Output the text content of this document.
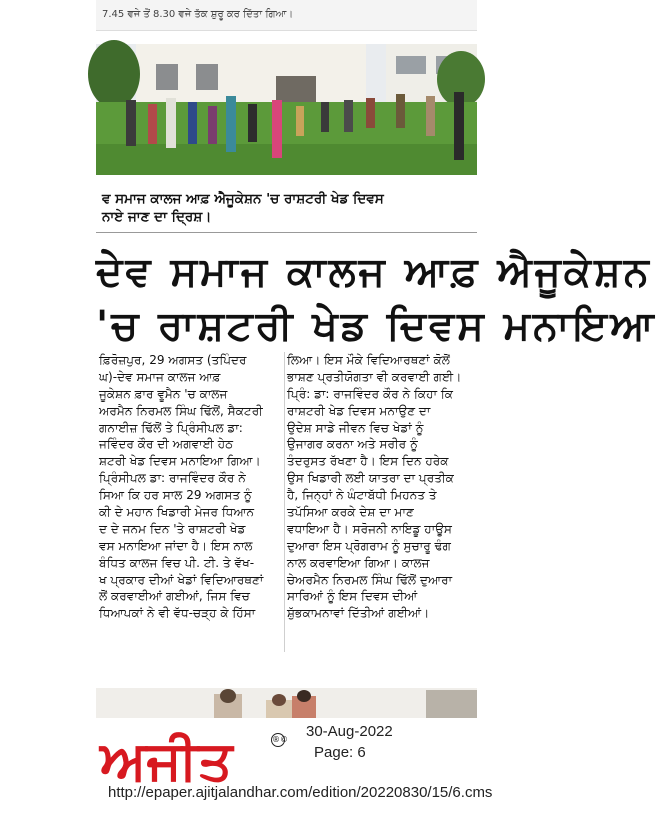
7.45 ਵਜੇ ਤੋਂ 8.30 ਵਜੇ ਤੱਕ ਸ਼ੁਰੂ ਕਰ ਦਿੱਤਾ ਗਿਆ।
ਵ ਸਮਾਜ ਕਾਲਜ ਆਫ਼ ਐਜੂਕੇਸ਼ਨ 'ਚ ਰਾਸ਼ਟਰੀ ਖੇਡ ਦਿਵਸ
ਨਾਏ ਜਾਣ ਦਾ ਦ੍ਰਿਸ਼।
ਦੇਵ ਸਮਾਜ ਕਾਲਜ ਆਫ਼ ਐਜੂਕੇਸ਼ਨ
'ਚ ਰਾਸ਼ਟਰੀ ਖੇਡ ਦਿਵਸ ਮਨਾਇਆ
ਫ਼ਿਰੋਜ਼ਪੁਰ, 29 ਅਗਸਤ (ਤਪਿੰਦਰ
ਘ)-ਦੇਵ ਸਮਾਜ ਕਾਲਜ ਆਫ਼
ਜੂਕੇਸ਼ਨ ਫ਼ਾਰ ਵੂਮੈਨ 'ਚ ਕਾਲਜ
ਅਰਮੈਨ ਨਿਰਮਲ ਸਿੰਘ ਢਿੱਲੋਂ, ਸੈਕਟਰੀ
ਗਨਾਈਜ਼ ਢਿੱਲੋਂ ਤੇ ਪ੍ਰਿੰਸੀਪਲ ਡਾ:
ਜਵਿੰਦਰ ਕੌਰ ਦੀ ਅਗਵਾਈ ਹੇਠ
ਸ਼ਟਰੀ ਖੇਡ ਦਿਵਸ ਮਨਾਇਆ ਗਿਆ।
ਪ੍ਰਿੰਸੀਪਲ ਡਾ: ਰਾਜਵਿੰਦਰ ਕੌਰ ਨੇ
ਸਿਆ ਕਿ ਹਰ ਸਾਲ 29 ਅਗਸਤ ਨੂੰ
ਕੀ ਦੇ ਮਹਾਨ ਖਿਡਾਰੀ ਮੇਜਰ ਧਿਆਨ
ਦ ਦੇ ਜਨਮ ਦਿਨ 'ਤੇ ਰਾਸ਼ਟਰੀ ਖੇਡ
ਵਸ ਮਨਾਇਆ ਜਾਂਦਾ ਹੈ। ਇਸ ਨਾਲ
ਬੰਧਿਤ ਕਾਲਜ ਵਿਚ ਪੀ. ਟੀ. ਤੇ ਵੱਖ-
ਖ ਪ੍ਰਕਾਰ ਦੀਆਂ ਖੇਡਾਂ ਵਿਦਿਆਰਥਣਾਂ
ਲੋਂ ਕਰਵਾਈਆਂ ਗਈਆਂ, ਜਿਸ ਵਿਚ
ਧਿਆਪਕਾਂ ਨੇ ਵੀ ਵੱਧ-ਚੜ੍ਹ ਕੇ ਹਿੱਸਾ
ਲਿਆ। ਇਸ ਮੌਕੇ ਵਿਦਿਆਰਥਣਾਂ ਕੋਲੋਂ
ਭਾਸ਼ਣ ਪ੍ਰਤੀਯੋਗਤਾ ਵੀ ਕਰਵਾਈ ਗਈ।
ਪ੍ਰਿੰ: ਡਾ: ਰਾਜਵਿੰਦਰ ਕੌਰ ਨੇ ਕਿਹਾ ਕਿ
ਰਾਸ਼ਟਰੀ ਖੇਡ ਦਿਵਸ ਮਨਾਉਣ ਦਾ
ਉਦੇਸ਼ ਸਾਡੇ ਜੀਵਨ ਵਿਚ ਖੇਡਾਂ ਨੂੰ
ਉਜਾਗਰ ਕਰਨਾ ਅਤੇ ਸਰੀਰ ਨੂੰ
ਤੰਦਰੁਸਤ ਰੱਖਣਾ ਹੈ। ਇਸ ਦਿਨ ਹਰੇਕ
ਉਸ ਖਿਡਾਰੀ ਲਈ ਯਾਤਰਾ ਦਾ ਪ੍ਰਤੀਕ
ਹੈ, ਜਿਨ੍ਹਾਂ ਨੇ ਘੰਟਾਬੱਧੀ ਮਿਹਨਤ ਤੇ
ਤਪੱਸਿਆ ਕਰਕੇ ਦੇਸ਼ ਦਾ ਮਾਣ
ਵਧਾਇਆ ਹੈ। ਸਰੋਜਨੀ ਨਾਇਡੂ ਹਾਊਸ
ਦੁਆਰਾ ਇਸ ਪ੍ਰੋਗਰਾਮ ਨੂੰ ਸੁਚਾਰੂ ਢੰਗ
ਨਾਲ ਕਰਵਾਇਆ ਗਿਆ। ਕਾਲਜ
ਚੇਅਰਮੈਨ ਨਿਰਮਲ ਸਿੰਘ ਢਿੱਲੋਂ ਦੁਆਰਾ
ਸਾਰਿਆਂ ਨੂੰ ਇਸ ਦਿਵਸ ਦੀਆਂ
ਸ਼ੁੱਭਕਾਮਨਾਵਾਂ ਦਿੱਤੀਆਂ ਗਈਆਂ।
ਅਜੀਤ	®© 30-Aug-2022
Page: 6
http://epaper.ajitjalandhar.com/edition/20220830/15/6.cms
